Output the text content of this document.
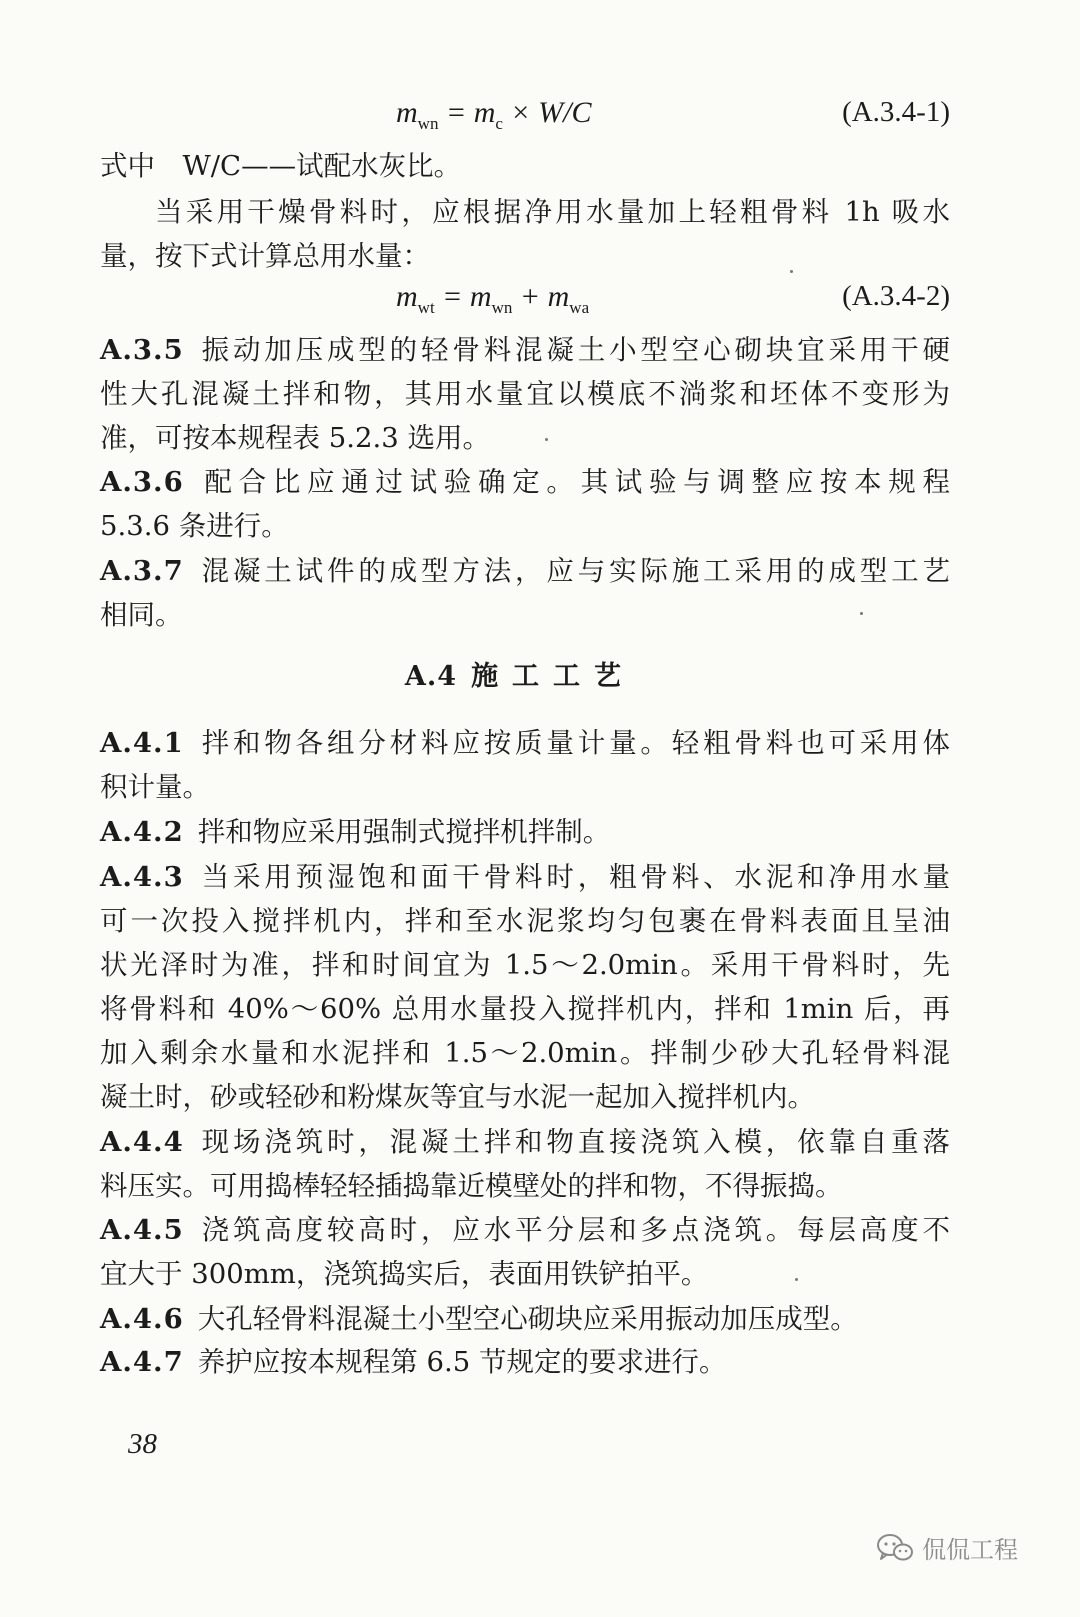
$m_{wn} = m_c \times W/C$	(A.3.4-1)
式中　W/C——试配水灰比。
当采用干燥骨料时，应根据净用水量加上轻粗骨料 1h 吸水
量，按下式计算总用水量：
$m_{wt} = m_{wn} + m_{wa}$	(A.3.4-2)
A.3.5 振动加压成型的轻骨料混凝土小型空心砌块宜采用干硬
性大孔混凝土拌和物，其用水量宜以模底不淌浆和坯体不变形为
准，可按本规程表 5.2.3 选用。
A.3.6 配合比应通过试验确定。其试验与调整应按本规程
5.3.6 条进行。
A.3.7 混凝土试件的成型方法，应与实际施工采用的成型工艺
相同。
A.4 施工工艺
A.4.1 拌和物各组分材料应按质量计量。轻粗骨料也可采用体
积计量。
A.4.2 拌和物应采用强制式搅拌机拌制。
A.4.3 当采用预湿饱和面干骨料时，粗骨料、水泥和净用水量
可一次投入搅拌机内，拌和至水泥浆均匀包裹在骨料表面且呈油
状光泽时为准，拌和时间宜为 1.5～2.0min。采用干骨料时，先
将骨料和 40%～60% 总用水量投入搅拌机内，拌和 1min 后，再
加入剩余水量和水泥拌和 1.5～2.0min。拌制少砂大孔轻骨料混
凝土时，砂或轻砂和粉煤灰等宜与水泥一起加入搅拌机内。
A.4.4 现场浇筑时，混凝土拌和物直接浇筑入模，依靠自重落
料压实。可用捣棒轻轻插捣靠近模壁处的拌和物，不得振捣。
A.4.5 浇筑高度较高时，应水平分层和多点浇筑。每层高度不
宜大于 300mm，浇筑捣实后，表面用铁铲拍平。
A.4.6 大孔轻骨料混凝土小型空心砌块应采用振动加压成型。
A.4.7 养护应按本规程第 6.5 节规定的要求进行。
38
侃侃工程
